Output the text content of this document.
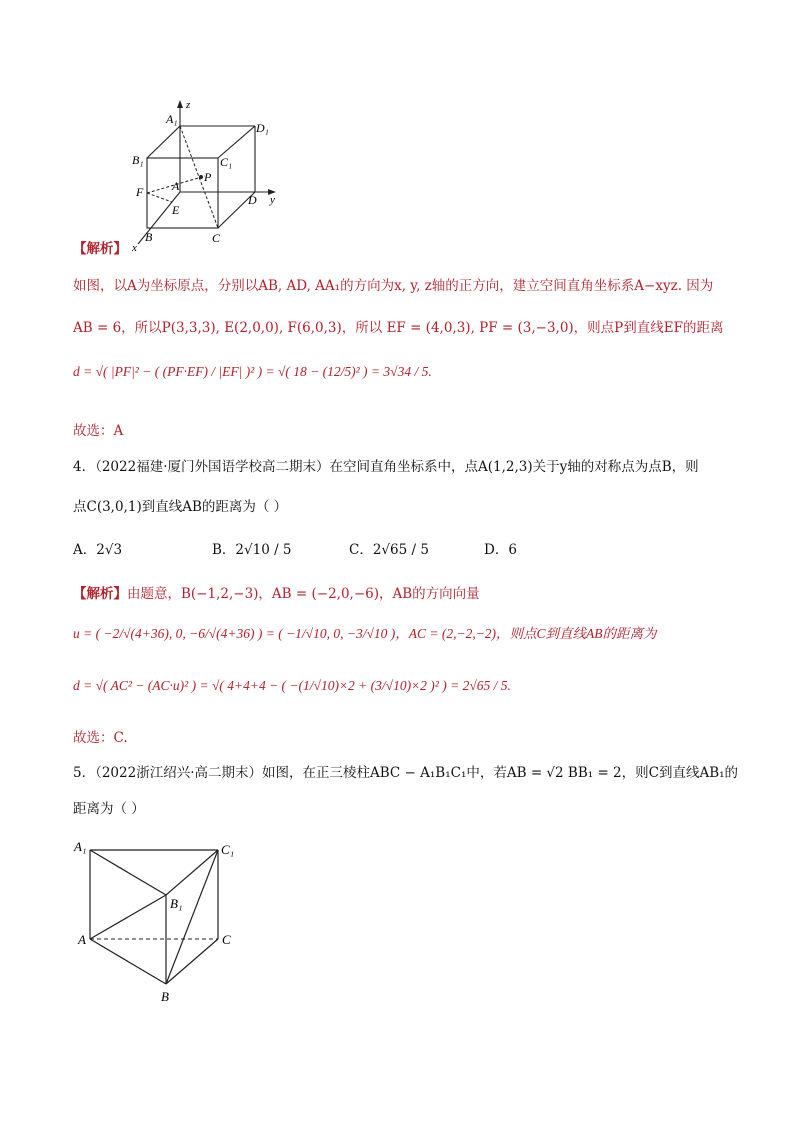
z
A₁
D₁
B₁	C₁
P
F A
E
D y
B	C
x
【解析】
如图，以A为坐标原点，分别以AB, AD, AA₁的方向为x, y, z轴的正方向，建立空间直角坐标系A−xyz. 因为
AB = 6，所以P(3,3,3), E(2,0,0), F(6,0,3)，所以 EF = (4,0,3), PF = (3,−3,0)，则点P到直线EF的距离
d = √( |PF|² − ( (PF·EF) / |EF| )² ) = √( 18 − (12/5)² ) = 3√34 / 5.
故选：A
4．（2022福建·厦门外国语学校高二期末）在空间直角坐标系中，点A(1,2,3)关于y轴的对称点为点B，则
点C(3,0,1)到直线AB的距离为（ ）
A．2√3	B．2√10 / 5	C．2√65 / 5	D．6
【解析】由题意，B(−1,2,−3)，AB = (−2,0,−6)，AB的方向向量
u = ( −2/√(4+36), 0, −6/√(4+36) ) = ( −1/√10, 0, −3/√10 )，AC = (2,−2,−2)，则点C到直线AB的距离为
d = √( AC² − (AC·u)² ) = √( 4+4+4 − ( −(1/√10)×2 + (3/√10)×2 )² ) = 2√65 / 5.
故选：C.
5．（2022浙江绍兴·高二期末）如图，在正三棱柱ABC − A₁B₁C₁中，若AB = √2 BB₁ = 2，则C到直线AB₁的
距离为（ ）
A₁	C₁
B₁
A	C
B
